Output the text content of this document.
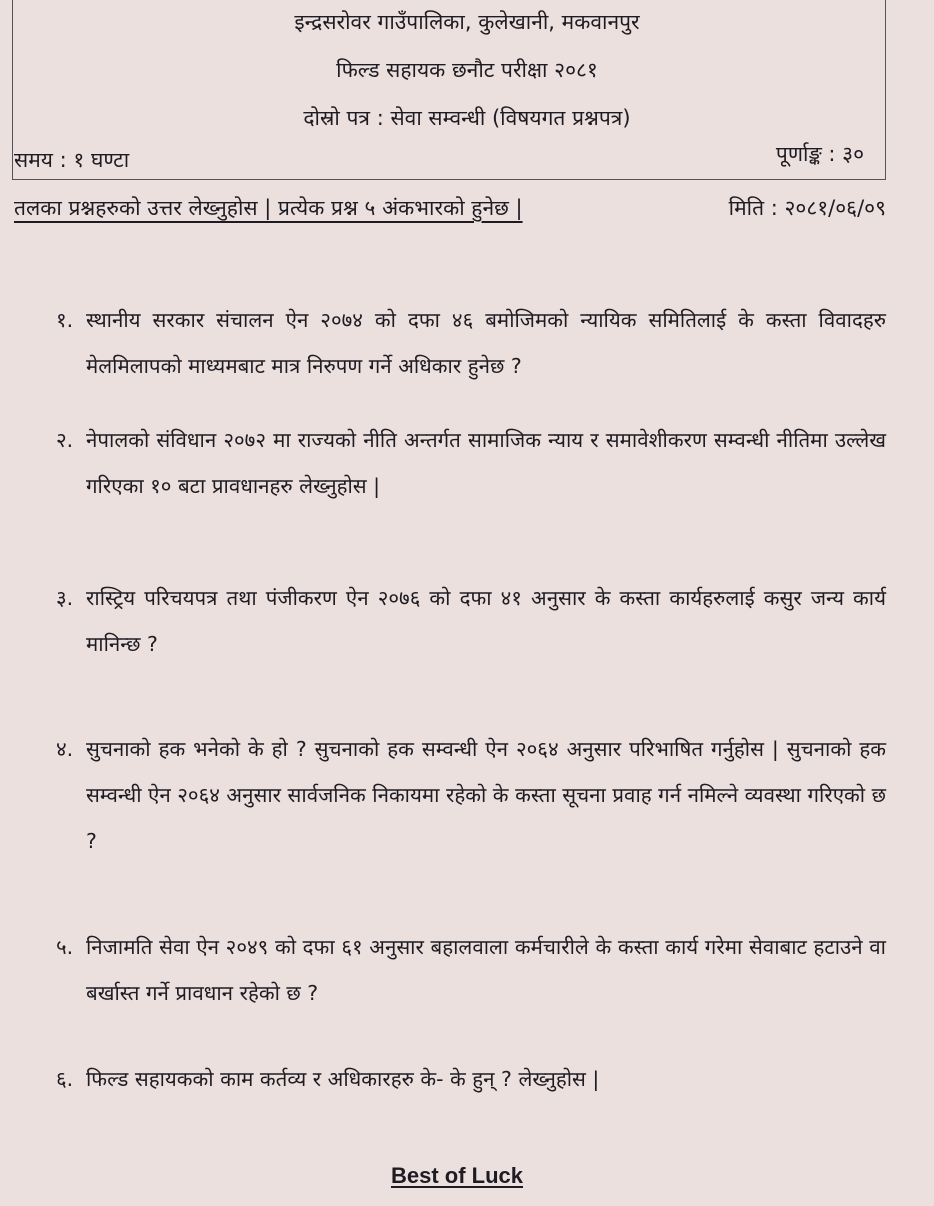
इन्द्रसरोवर गाउँपालिका, कुलेखानी, मकवानपुर
फिल्ड सहायक छनौट परीक्षा २०८१
दोस्रो पत्र : सेवा सम्वन्धी (विषयगत प्रश्नपत्र)
समय : १ घण्टा	पूर्णाङ्क : ३०
तलका प्रश्नहरुको उत्तर लेख्नुहोस | प्रत्येक प्रश्न ५ अंकभारको हुनेछ |	मिति : २०८१/०६/०९
१. स्थानीय सरकार संचालन ऐन २०७४ को दफा ४६ बमोजिमको न्यायिक समितिलाई के कस्ता विवादहरु मेलमिलापको माध्यमबाट मात्र निरुपण गर्ने अधिकार हुनेछ ?
२. नेपालको संविधान २०७२ मा राज्यको नीति अन्तर्गत सामाजिक न्याय र समावेशीकरण सम्वन्धी नीतिमा उल्लेख गरिएका १० बटा प्रावधानहरु लेख्नुहोस |
३. रास्ट्रिय परिचयपत्र तथा पंजीकरण ऐन २०७६ को दफा ४१ अनुसार के कस्ता कार्यहरुलाई कसुर जन्य कार्य मानिन्छ ?
४. सुचनाको हक भनेको के हो ? सुचनाको हक सम्वन्धी ऐन २०६४ अनुसार परिभाषित गर्नुहोस | सुचनाको हक सम्वन्धी ऐन २०६४ अनुसार सार्वजनिक निकायमा रहेको के कस्ता सूचना प्रवाह गर्न नमिल्ने व्यवस्था गरिएको छ ?
५. निजामति सेवा ऐन २०४९ को दफा ६१ अनुसार बहालवाला कर्मचारीले के कस्ता कार्य गरेमा सेवाबाट हटाउने वा बर्खास्त गर्ने प्रावधान रहेको छ ?
६. फिल्ड सहायकको काम कर्तव्य र अधिकारहरु के- के हुन् ? लेख्नुहोस |
Best of Luck
